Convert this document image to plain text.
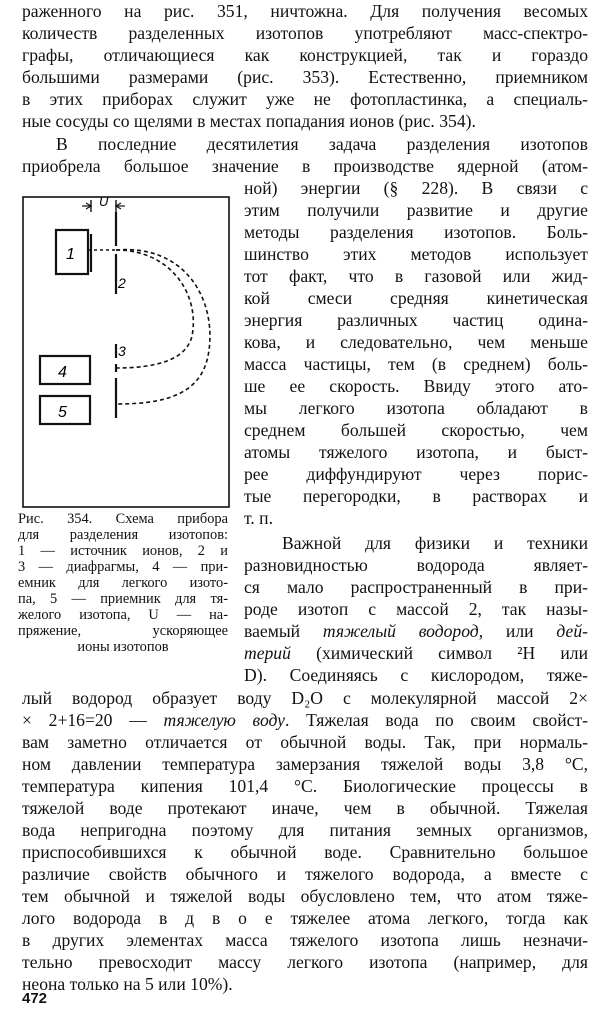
раженного на рис. 351, ничтожна. Для получения весомых
количеств разделенных изотопов употребляют масс-спектро-
графы, отличающиеся как конструкцией, так и гораздо
большими размерами (рис. 353). Естественно, приемником
в этих приборах служит уже не фотопластинка, а специаль-
ные сосуды со щелями в местах попадания ионов (рис. 354).
В последние десятилетия задача разделения изотопов
приобрела большое значение в производстве ядерной (атом-
ной) энергии (§ 228). В связи с
этим получили развитие и другие
методы разделения изотопов. Боль-
шинство этих методов использует
тот факт, что в газовой или жид-
кой смеси средняя кинетическая
энергия различных частиц одина-
кова, и следовательно, чем меньше
масса частицы, тем (в среднем) боль-
ше ее скорость. Ввиду этого ато-
мы легкого изотопа обладают в
среднем большей скоростью, чем
атомы тяжелого изотопа, и быст-
рее диффундируют через порис-
тые перегородки, в растворах и
т. п.
Важной для физики и техники
разновидностью водорода являет-
ся мало распространенный в при-
роде изотоп с массой 2, так назы-
ваемый тяжелый водород, или дей-
терий (химический символ ²H или
D). Соединяясь с кислородом, тяже-
лый водород образует воду D₂O с молекулярной массой 2×
× 2+16=20 — тяжелую воду. Тяжелая вода по своим свойст-
вам заметно отличается от обычной воды. Так, при нормаль-
ном давлении температура замерзания тяжелой воды 3,8 °С,
температура кипения 101,4 °С. Биологические процессы в
тяжелой воде протекают иначе, чем в обычной. Тяжелая
вода непригодна поэтому для питания земных организмов,
приспособившихся к обычной воде. Сравнительно большое
различие свойств обычного и тяжелого водорода, а вместе с
тем обычной и тяжелой воды обусловлено тем, что атом тяже-
лого водорода в д в о е тяжелее атома легкого, тогда как
в других элементах масса тяжелого изотопа лишь незначи-
тельно превосходит массу легкого изотопа (например, для
неона только на 5 или 10%).
U
1
2
3
4
5
Рис. 354. Схема прибора
для разделения изотопов:
1 — источник ионов, 2 и
3 — диафрагмы, 4 — при-
емник для легкого изото-
па, 5 — приемник для тя-
желого изотопа, U — на-
пряжение, ускоряющее
ионы изотопов
472
